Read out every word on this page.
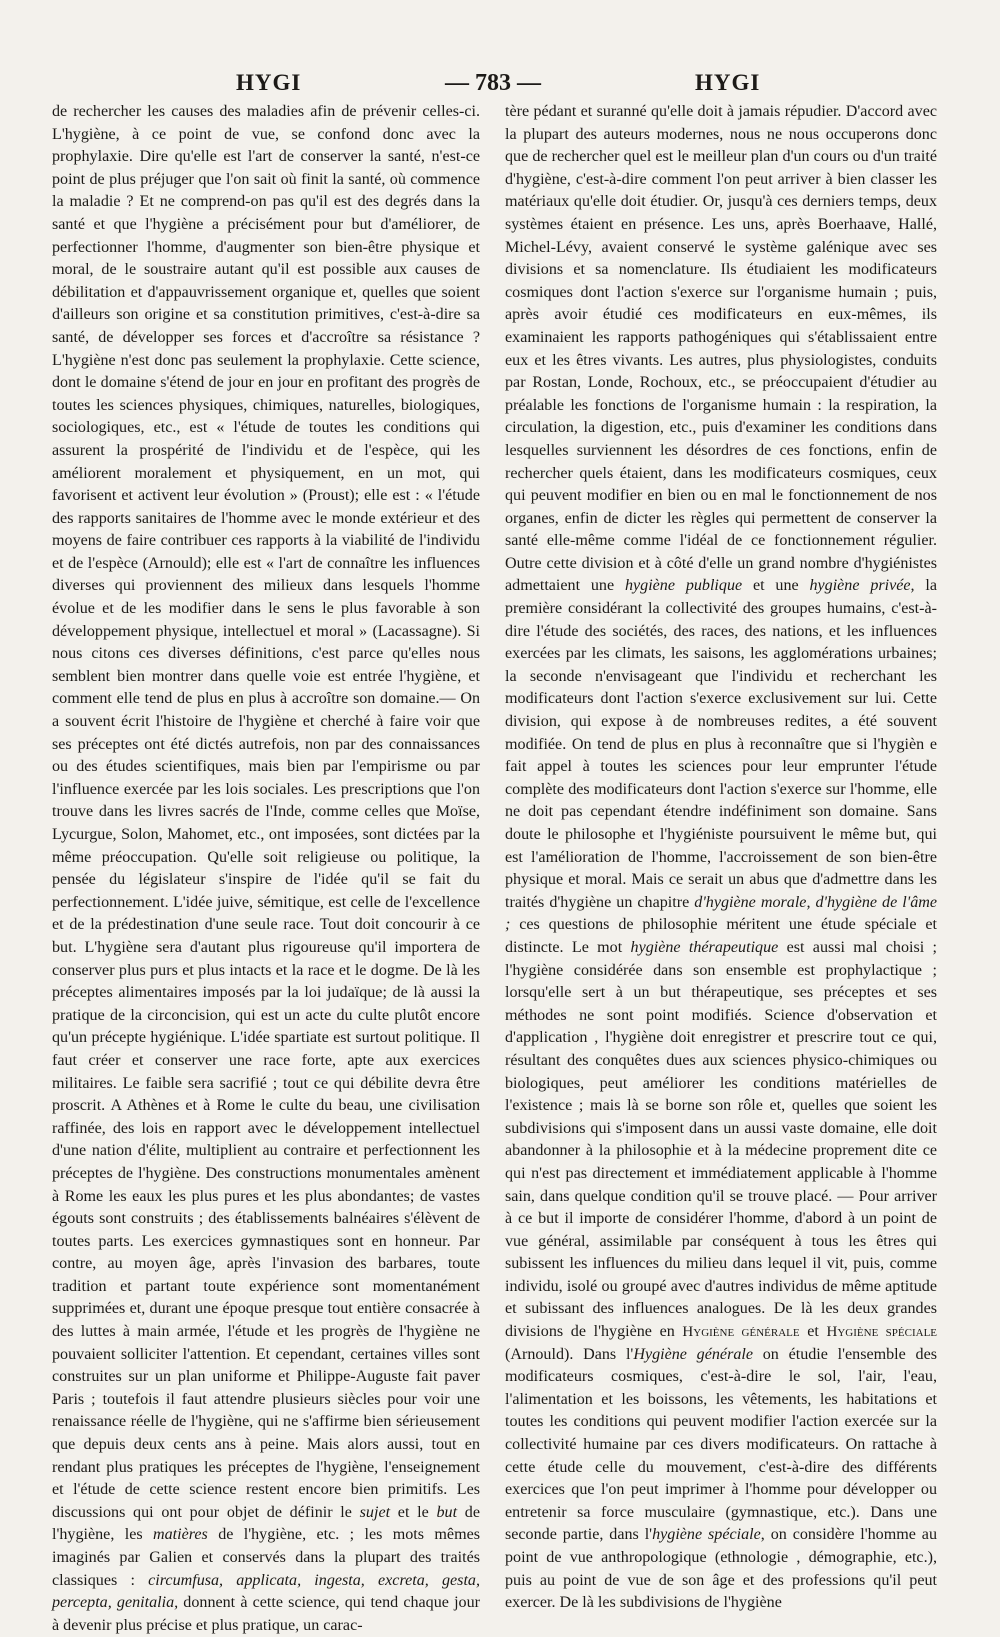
HYGI	— 783 —	HYGI

de rechercher les causes des maladies afin de prévenir celles-ci. L'hygiène, à ce point de vue, se confond donc avec la prophylaxie. Dire qu'elle est l'art de conserver la santé, n'est-ce point de plus préjuger que l'on sait où finit la santé, où commence la maladie ? Et ne comprend-on pas qu'il est des degrés dans la santé et que l'hygiène a précisément pour but d'améliorer, de perfectionner l'homme, d'augmenter son bien-être physique et moral, de le soustraire autant qu'il est possible aux causes de débilitation et d'appauvrissement organique et, quelles que soient d'ailleurs son origine et sa constitution primitives, c'est-à-dire sa santé, de développer ses forces et d'accroître sa résistance ? L'hygiène n'est donc pas seulement la prophylaxie. Cette science, dont le domaine s'étend de jour en jour en profitant des progrès de toutes les sciences physiques, chimiques, naturelles, biologiques, sociologiques, etc., est « l'étude de toutes les conditions qui assurent la prospérité de l'individu et de l'espèce, qui les améliorent moralement et physiquement, en un mot, qui favorisent et activent leur évolution » (Proust); elle est : « l'étude des rapports sanitaires de l'homme avec le monde extérieur et des moyens de faire contribuer ces rapports à la viabilité de l'individu et de l'espèce (Arnould); elle est « l'art de connaître les influences diverses qui proviennent des milieux dans lesquels l'homme évolue et de les modifier dans le sens le plus favorable à son développement physique, intellectuel et moral » (Lacassagne). Si nous citons ces diverses définitions, c'est parce qu'elles nous semblent bien montrer dans quelle voie est entrée l'hygiène, et comment elle tend de plus en plus à accroître son domaine.— On a souvent écrit l'histoire de l'hygiène et cherché à faire voir que ses préceptes ont été dictés autrefois, non par des connaissances ou des études scientifiques, mais bien par l'empirisme ou par l'influence exercée par les lois sociales. Les prescriptions que l'on trouve dans les livres sacrés de l'Inde, comme celles que Moïse, Lycurgue, Solon, Mahomet, etc., ont imposées, sont dictées par la même préoccupation. Qu'elle soit religieuse ou politique, la pensée du législateur s'inspire de l'idée qu'il se fait du perfectionnement. L'idée juive, sémitique, est celle de l'excellence et de la prédestination d'une seule race. Tout doit concourir à ce but. L'hygiène sera d'autant plus rigoureuse qu'il importera de conserver plus purs et plus intacts et la race et le dogme. De là les préceptes alimentaires imposés par la loi judaïque; de là aussi la pratique de la circoncision, qui est un acte du culte plutôt encore qu'un précepte hygiénique. L'idée spartiate est surtout politique. Il faut créer et conserver une race forte, apte aux exercices militaires. Le faible sera sacrifié ; tout ce qui débilite devra être proscrit. A Athènes et à Rome le culte du beau, une civilisation raffinée, des lois en rapport avec le développement intellectuel d'une nation d'élite, multiplient au contraire et perfectionnent les préceptes de l'hygiène. Des constructions monumentales amènent à Rome les eaux les plus pures et les plus abondantes; de vastes égouts sont construits ; des établissements balnéaires s'élèvent de toutes parts. Les exercices gymnastiques sont en honneur. Par contre, au moyen âge, après l'invasion des barbares, toute tradition et partant toute expérience sont momentanément supprimées et, durant une époque presque tout entière consacrée à des luttes à main armée, l'étude et les progrès de l'hygiène ne pouvaient solliciter l'attention. Et cependant, certaines villes sont construites sur un plan uniforme et Philippe-Auguste fait paver Paris ; toutefois il faut attendre plusieurs siècles pour voir une renaissance réelle de l'hygiène, qui ne s'affirme bien sérieusement que depuis deux cents ans à peine. Mais alors aussi, tout en rendant plus pratiques les préceptes de l'hygiène, l'enseignement et l'étude de cette science restent encore bien primitifs. Les discussions qui ont pour objet de définir le sujet et le but de l'hygiène, les matières de l'hygiène, etc. ; les mots mêmes imaginés par Galien et conservés dans la plupart des traités classiques : circumfusa, applicata, ingesta, excreta, gesta, percepta, genitalia, donnent à cette science, qui tend chaque jour à devenir plus précise et plus pratique, un carac-

tère pédant et suranné qu'elle doit à jamais répudier. D'accord avec la plupart des auteurs modernes, nous ne nous occuperons donc que de rechercher quel est le meilleur plan d'un cours ou d'un traité d'hygiène, c'est-à-dire comment l'on peut arriver à bien classer les matériaux qu'elle doit étudier. Or, jusqu'à ces derniers temps, deux systèmes étaient en présence. Les uns, après Boerhaave, Hallé, Michel-Lévy, avaient conservé le système galénique avec ses divisions et sa nomenclature. Ils étudiaient les modificateurs cosmiques dont l'action s'exerce sur l'organisme humain ; puis, après avoir étudié ces modificateurs en eux-mêmes, ils examinaient les rapports pathogéniques qui s'établissaient entre eux et les êtres vivants. Les autres, plus physiologistes, conduits par Rostan, Londe, Rochoux, etc., se préoccupaient d'étudier au préalable les fonctions de l'organisme humain : la respiration, la circulation, la digestion, etc., puis d'examiner les conditions dans lesquelles surviennent les désordres de ces fonctions, enfin de rechercher quels étaient, dans les modificateurs cosmiques, ceux qui peuvent modifier en bien ou en mal le fonctionnement de nos organes, enfin de dicter les règles qui permettent de conserver la santé elle-même comme l'idéal de ce fonctionnement régulier. Outre cette division et à côté d'elle un grand nombre d'hygiénistes admettaient une hygiène publique et une hygiène privée, la première considérant la collectivité des groupes humains, c'est-à-dire l'étude des sociétés, des races, des nations, et les influences exercées par les climats, les saisons, les agglomérations urbaines; la seconde n'envisageant que l'individu et recherchant les modificateurs dont l'action s'exerce exclusivement sur lui. Cette division, qui expose à de nombreuses redites, a été souvent modifiée. On tend de plus en plus à reconnaître que si l'hygièn e fait appel à toutes les sciences pour leur emprunter l'étude complète des modificateurs dont l'action s'exerce sur l'homme, elle ne doit pas cependant étendre indéfiniment son domaine. Sans doute le philosophe et l'hygiéniste poursuivent le même but, qui est l'amélioration de l'homme, l'accroissement de son bien-être physique et moral. Mais ce serait un abus que d'admettre dans les traités d'hygiène un chapitre d'hygiène morale, d'hygiène de l'âme ; ces questions de philosophie méritent une étude spéciale et distincte. Le mot hygiène thérapeutique est aussi mal choisi ; l'hygiène considérée dans son ensemble est prophylactique ; lorsqu'elle sert à un but thérapeutique, ses préceptes et ses méthodes ne sont point modifiés. Science d'observation et d'application , l'hygiène doit enregistrer et prescrire tout ce qui, résultant des conquêtes dues aux sciences physico-chimiques ou biologiques, peut améliorer les conditions matérielles de l'existence ; mais là se borne son rôle et, quelles que soient les subdivisions qui s'imposent dans un aussi vaste domaine, elle doit abandonner à la philosophie et à la médecine proprement dite ce qui n'est pas directement et immédiatement applicable à l'homme sain, dans quelque condition qu'il se trouve placé. — Pour arriver à ce but il importe de considérer l'homme, d'abord à un point de vue général, assimilable par conséquent à tous les êtres qui subissent les influences du milieu dans lequel il vit, puis, comme individu, isolé ou groupé avec d'autres individus de même aptitude et subissant des influences analogues. De là les deux grandes divisions de l'hygiène en Hygiène générale et Hygiène spéciale (Arnould). Dans l'Hygiène générale on étudie l'ensemble des modificateurs cosmiques, c'est-à-dire le sol, l'air, l'eau, l'alimentation et les boissons, les vêtements, les habitations et toutes les conditions qui peuvent modifier l'action exercée sur la collectivité humaine par ces divers modificateurs. On rattache à cette étude celle du mouvement, c'est-à-dire des différents exercices que l'on peut imprimer à l'homme pour développer ou entretenir sa force musculaire (gymnastique, etc.). Dans une seconde partie, dans l'hygiène spéciale, on considère l'homme au point de vue anthropologique (ethnologie , démographie, etc.), puis au point de vue de son âge et des professions qu'il peut exercer. De là les subdivisions de l'hygiène
